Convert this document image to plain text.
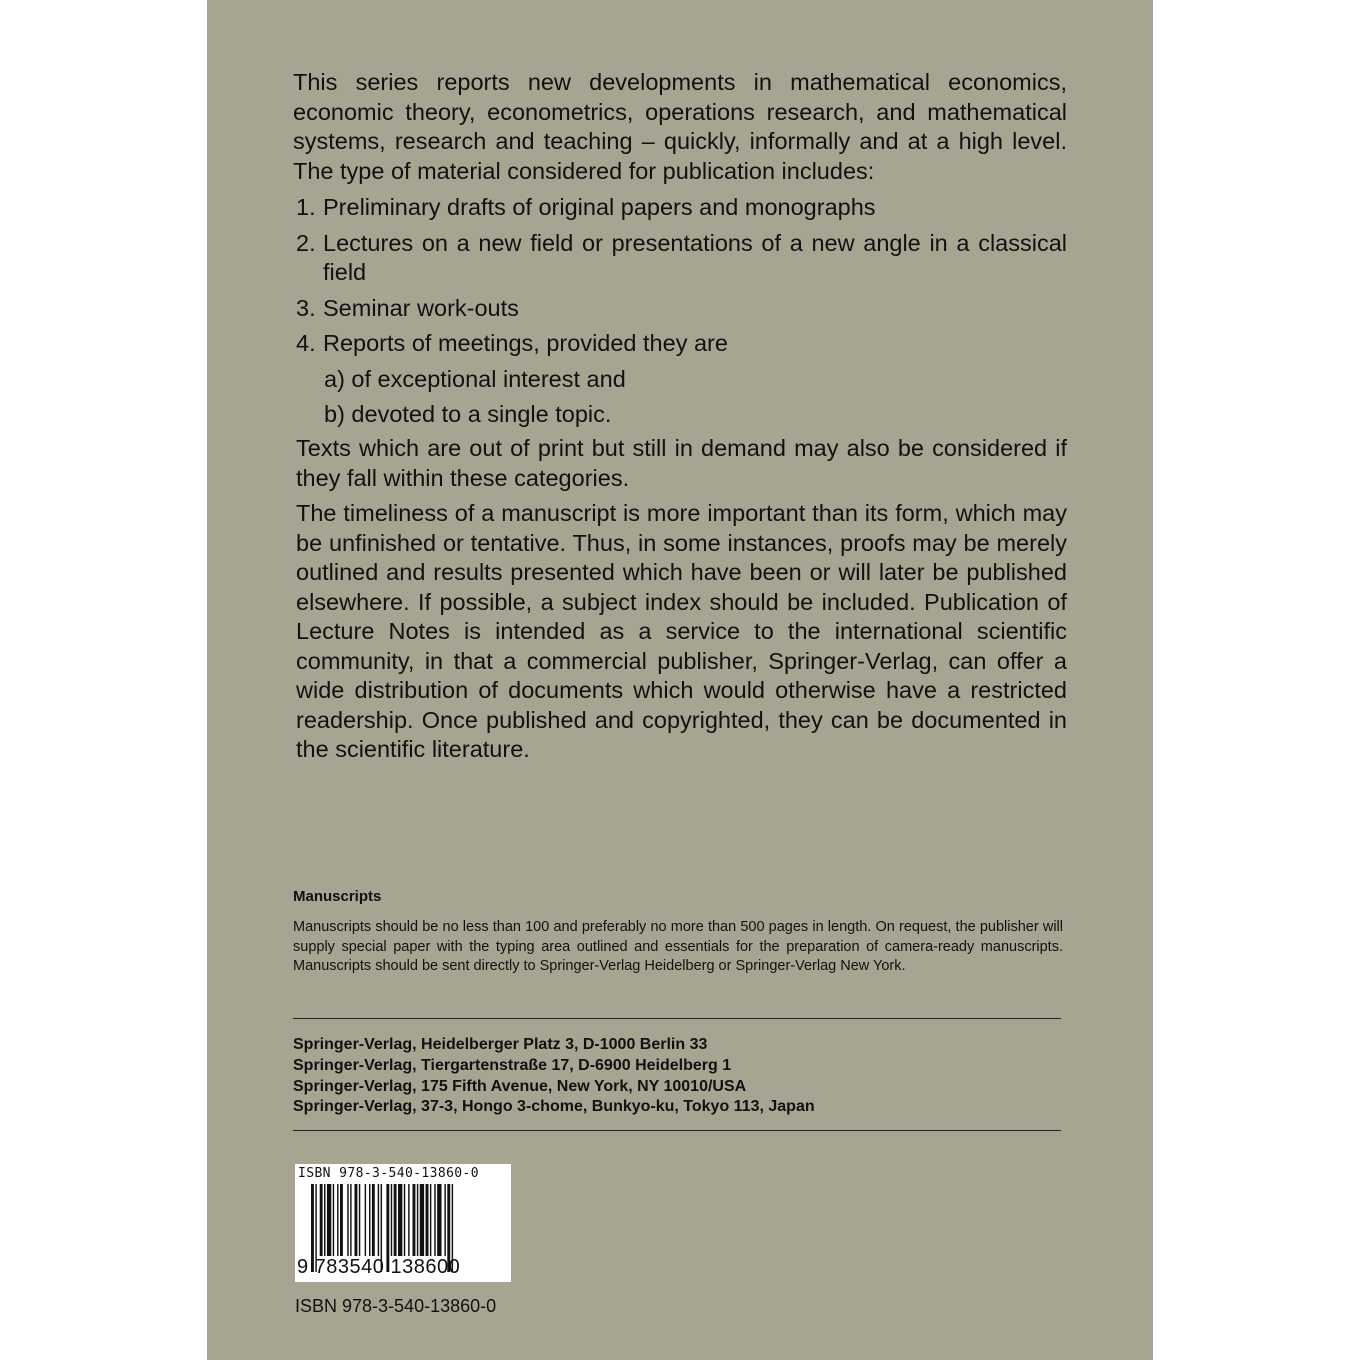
This series reports new developments in mathematical economics, economic theory, econometrics, operations research, and mathematical systems, research and teaching – quickly, informally and at a high level. The type of material considered for publication includes:

1. Preliminary drafts of original papers and monographs
2. Lectures on a new field or presentations of a new angle in a classical field
3. Seminar work-outs
4. Reports of meetings, provided they are
a) of exceptional interest and
b) devoted to a single topic.

Texts which are out of print but still in demand may also be considered if they fall within these categories.

The timeliness of a manuscript is more important than its form, which may be unfinished or tentative. Thus, in some instances, proofs may be merely outlined and results presented which have been or will later be published elsewhere. If possible, a subject index should be included. Publication of Lecture Notes is intended as a service to the international scientific community, in that a commercial publisher, Springer-Verlag, can offer a wide distribution of documents which would otherwise have a restricted readership. Once published and copyrighted, they can be documented in the scientific literature.

Manuscripts

Manuscripts should be no less than 100 and preferably no more than 500 pages in length. On request, the publisher will supply special paper with the typing area outlined and essentials for the preparation of camera-ready manuscripts. Manuscripts should be sent directly to Springer-Verlag Heidelberg or Springer-Verlag New York.

Springer-Verlag, Heidelberger Platz 3, D-1000 Berlin 33
Springer-Verlag, Tiergartenstraße 17, D-6900 Heidelberg 1
Springer-Verlag, 175 Fifth Avenue, New York, NY 10010/USA
Springer-Verlag, 37-3, Hongo 3-chome, Bunkyo-ku, Tokyo 113, Japan
ISBN 978-3-540-13860-0
9 783540 138600

ISBN 978-3-540-13860-0
